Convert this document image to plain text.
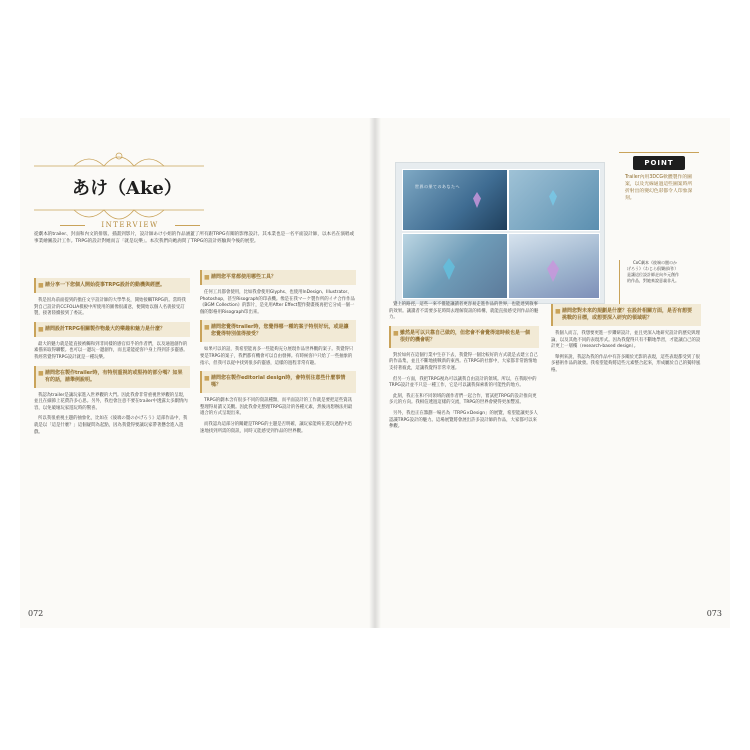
あけ（Ake）
INTERVIEW
從劇本的trailer、封面和內文的排版、插畫到影片，設計師あけ小姐的作品涵蓋了所有跟TRPG有關的影像設計。其本業也是一名平面設計師，以本名在演唱或事業繪圖設計工作。TRPG的設計對她而言「就是玩樂」。本次我們向她詢問了TRPG的設計經驗與今後的展望。
■ 請分享一下您個人開始從事TRPG設計的動機與經歷。

我是因為前面提到的擔任文字設計師的大學學長，開始接觸TRPG的。當時我對自己設計的CCFOLIA模板中所使用的圖像很滿意，便開始以個人名義接受訂製，接著陸續接到了委託。

■ 請問設計TRPG相關製作物最大的樂趣和魅力是什麼？

最大的魅力就是能直接被觸和到非同樣的感官似乎的作者們，以及通過創作的素描來取得聯繫。也可以一邊玩一邊創作，而且還能從客戶身上得到許多靈感。我經常覺得TRPG設計就是一種玩樂。

■ 請問您在製作trailer時，有特別重視的或堅持的部分嗎？如果有的話，請舉例說明。

我認為trailer是讓玩家進入世界觀的大門。因此我會非常重視世界觀的呈現，並且在細節上花費許多心思。另外，我也會注意不要在trailer中透露太多劇情內容，以免破壞玩家遊玩時的驚喜。

所以我很重視主題的抽象化，比如在《彼端の闇のかげろう》這部作品中，我就是以「這是什麼？」這個疑問為起點，因為我覺得要讓玩家帶著懸念進入遊戲。

■ 請問您平常都使用哪些工具？

任何工具都會使用，比如我會使用Glyphs、也使用InDesign、Illustrator、Photoshop，甚至Risograph的印表機。像是在我マーケ製作所的イチ合作作品《BGM Collection》的影片，是先用After Effect製作動畫後再把它分成一個一個的影格用Risograph印出來。

■ 請問您覺得trailer時，您覺得哪一種的案子特別好玩，或是讓您覺得特別值得接受？

如果可以的話，我希望能再多一些能夠充分展現作品世界觀的案子。我覺得只要是TRPG的案子，我們都有機會可以自由發揮。有時候客戶只給了一些抽象的指示，但我可以從中找到很多的靈感，這樣的過程非常有趣。

■ 請問您在製作editorial design時，會特別注意些什麼事情嗎？

TRPG的劇本含有很多不同的資訊種類，而平面設計的工作就是要把這些資訊整理得易讀又美觀。因此我會先整理TRPG設計的各種元素，然後再想辦法用最適合的方式呈現出來。

而我認為這部分的關鍵是TRPG的主題是否明確，讓玩家能夠在遊玩過程中迅速地找到所需的資訊，同時又能感受到作品的世界觀。

072
世界の果てのあなたへ
POINT
Trailer內用3DCG軟體製作的圖案，以及光線通過這些圖案時所折射出的變幻色彩都令人印象深刻。
CoC劇本《彼端の闇のかげろう》（わじら俱樂部/作）是讓這位設計師走向多元創作的作品，對她來說意義非凡。

覺上的路徑，這些一來不僅能讓讀者更容易走進作品的世界，也能達到敘事的效果。讓讀者不需要多花時間去理解資訊的結構，就能直接感受到作品的魅力。

■ 雖然是可以只靠自己做的，但您會不會覺得這時候也是一個很好的機會呢？

對於如何在這個行業中生存下去，我覺得一個比較好的方式就是去建立自己的作品集，並且不斷地挑戰新的東西。在TRPG的社群中，大家都非常熱情地支持著彼此，這讓我覺得非常幸運。

但另一方面，我把TRPG視為可以讓我自由設計的領域。所以，在我眼中的TRPG設計並不只是一種工作，它是可以讓我探索新的可能性的地方。

此刻，我正在和不同領域的創作者們一起合作，嘗試把TRPG的設計推向更多元的方向。我相信透過這樣的交流，TRPG的世界會變得更加豐富。

另外，我也正在籌劃一場名為「TRPG×Design」的展覽，希望能讓更多人認識TRPG設計的魅力。這場展覽將會展出許多設計師的作品，大家都可以來參觀。

■ 請問您對未來的規劃是什麼？在設計相關方面，是否有想要挑戰的目標，或想要深入研究的領域呢？

我個人而言，我想要更進一步鑽研設計，並且更深入地研究設計的歷史與理論，以及其他不同的表現形式。因為我覺得只有不斷地學習，才能讓自己的設計更上一層樓（research-based design）。

舉例來說，我認為我的作品中有許多關於光影的表現，這些表現都受到了很多藝術作品的啟發。我希望能夠將這些元素整合起來，形成屬於自己的獨特風格。

073
